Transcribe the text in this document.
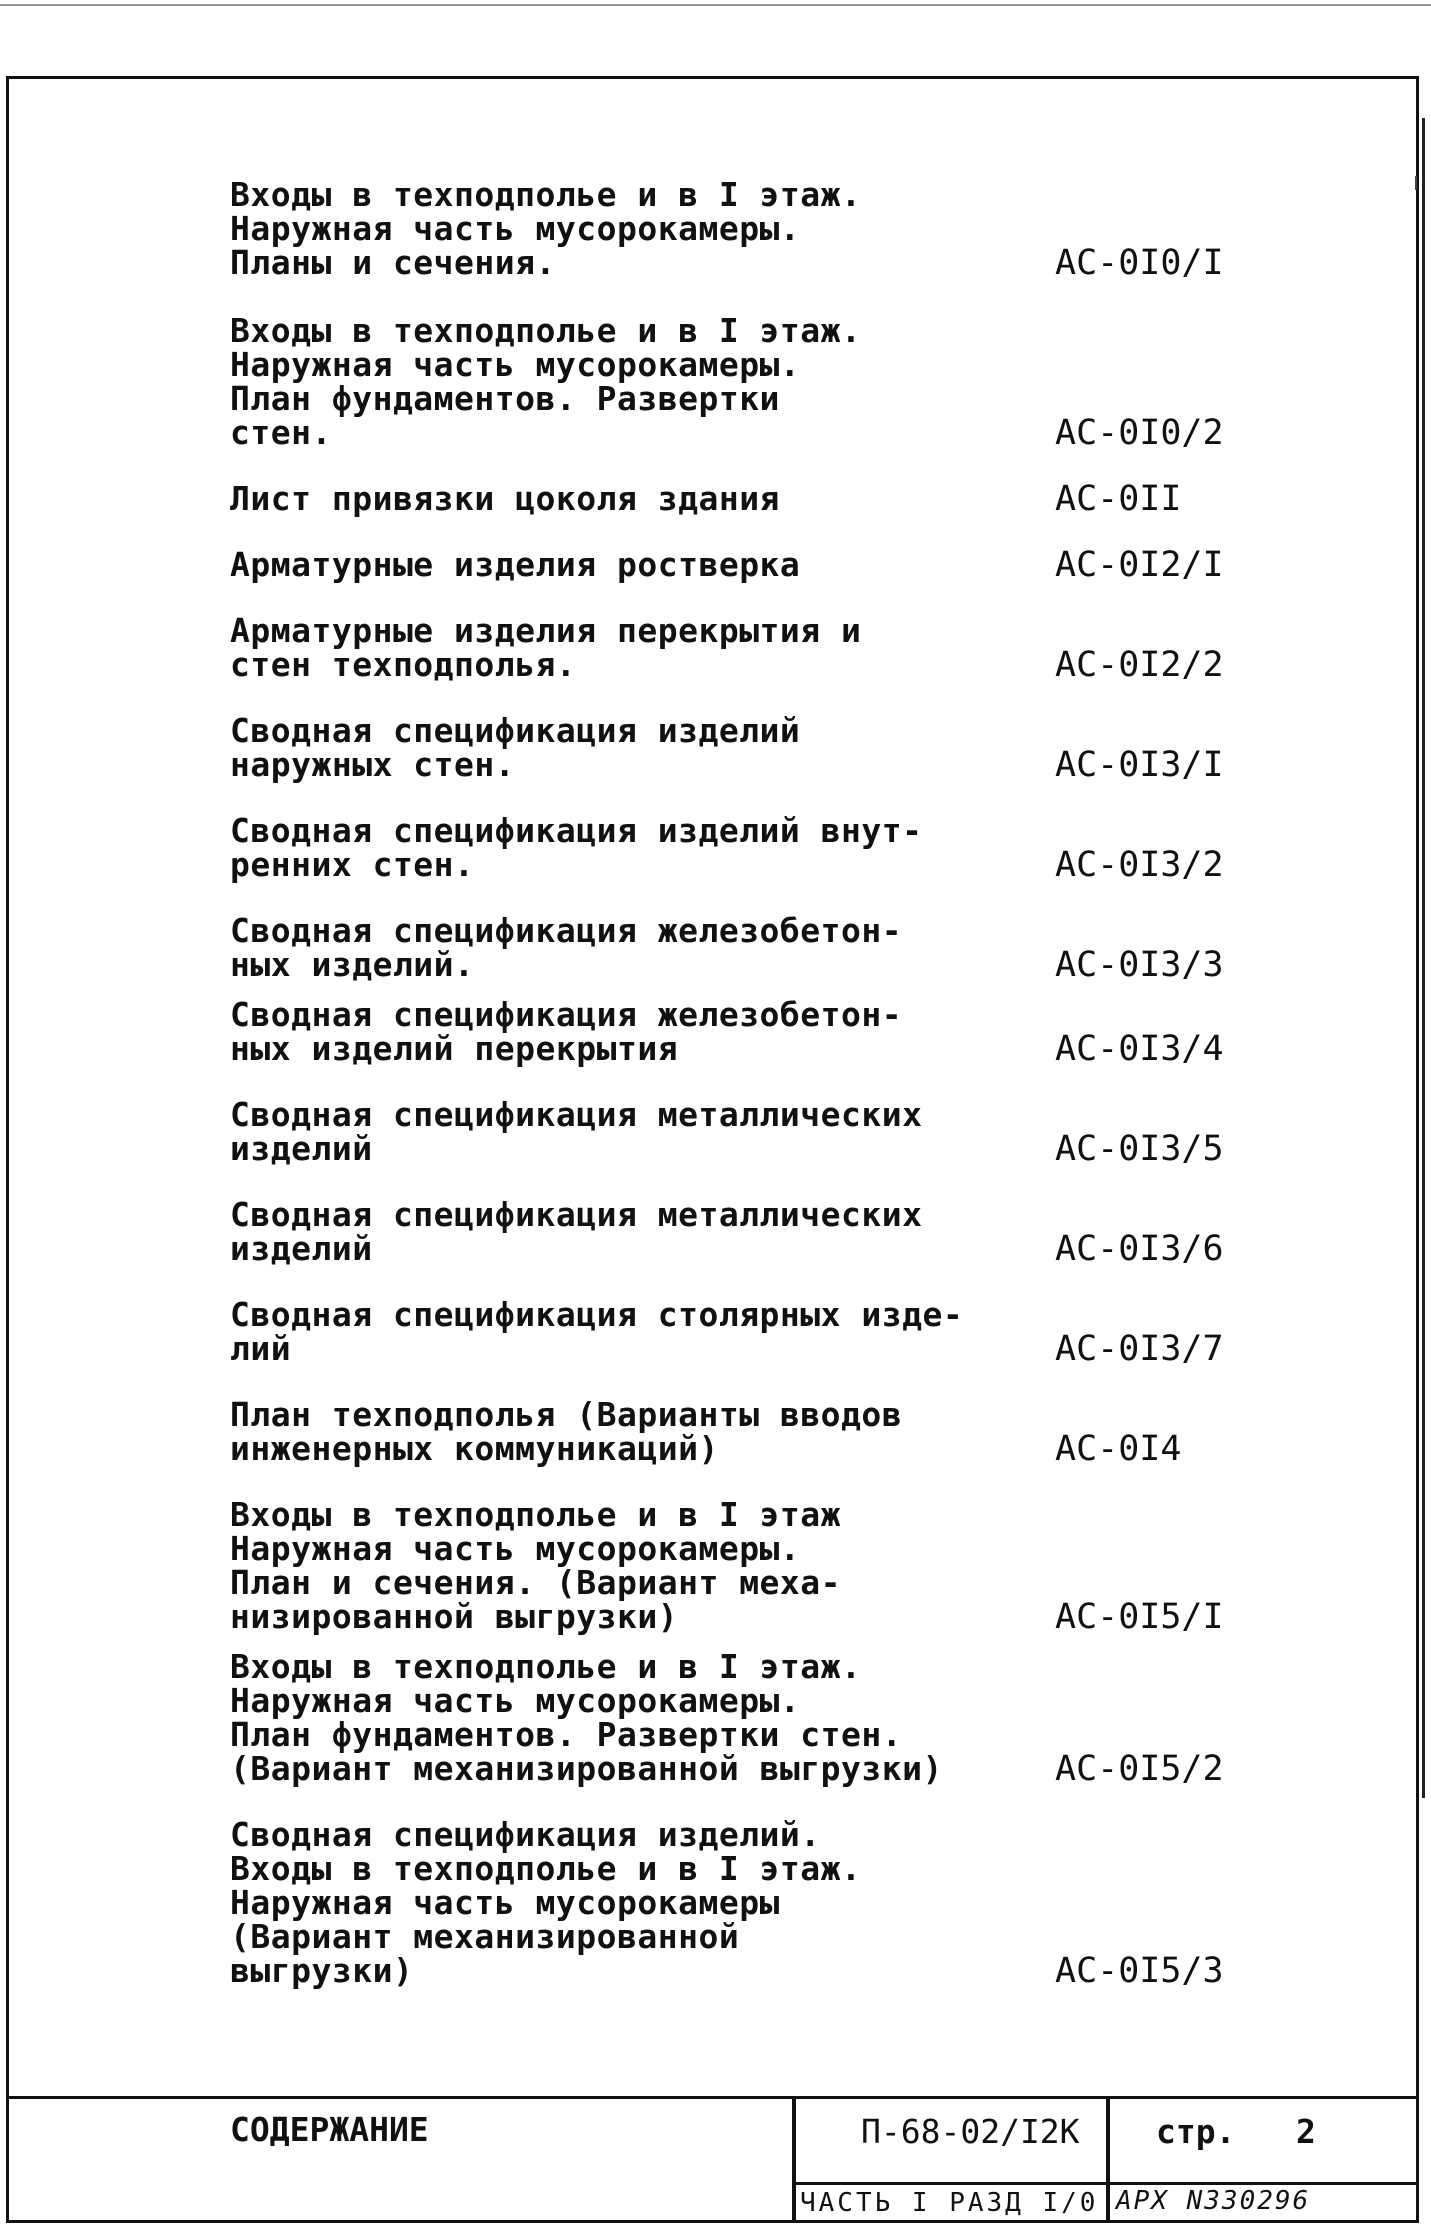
Входы в техподполье и в I этаж.
Наружная часть мусорокамеры.
Планы и сечения.	АС-0I0/I
Входы в техподполье и в I этаж.
Наружная часть мусорокамеры.
План фундаментов. Развертки
стен.	АС-0I0/2
Лист привязки цоколя здания	АС-0II
Арматурные изделия ростверка	АС-0I2/I
Арматурные изделия перекрытия и
стен техподполья.	АС-0I2/2
Сводная спецификация изделий
наружных стен.	АС-0I3/I
Сводная спецификация изделий внут-
ренних стен.	АС-0I3/2
Сводная спецификация железобетон-
ных изделий.	АС-0I3/3
Сводная спецификация железобетон-
ных изделий перекрытия	АС-0I3/4
Сводная спецификация металлических
изделий	АС-0I3/5
Сводная спецификация металлических
изделий	АС-0I3/6
Сводная спецификация столярных изде-
лий	АС-0I3/7
План техподполья (Варианты вводов
инженерных коммуникаций)	АС-0I4
Входы в техподполье и в I этаж
Наружная часть мусорокамеры.
План и сечения. (Вариант меха-
низированной выгрузки)	АС-0I5/I
Входы в техподполье и в I этаж.
Наружная часть мусорокамеры.
План фундаментов. Развертки стен.
(Вариант механизированной выгрузки)	АС-0I5/2
Сводная спецификация изделий.
Входы в техподполье и в I этаж.
Наружная часть мусорокамеры
(Вариант механизированной
выгрузки)	АС-0I5/3
СОДЕРЖАНИЕ	П-68-02/I2К стр. 2
ЧАСТЬ I РАЗД I/0 АРХ N330296
